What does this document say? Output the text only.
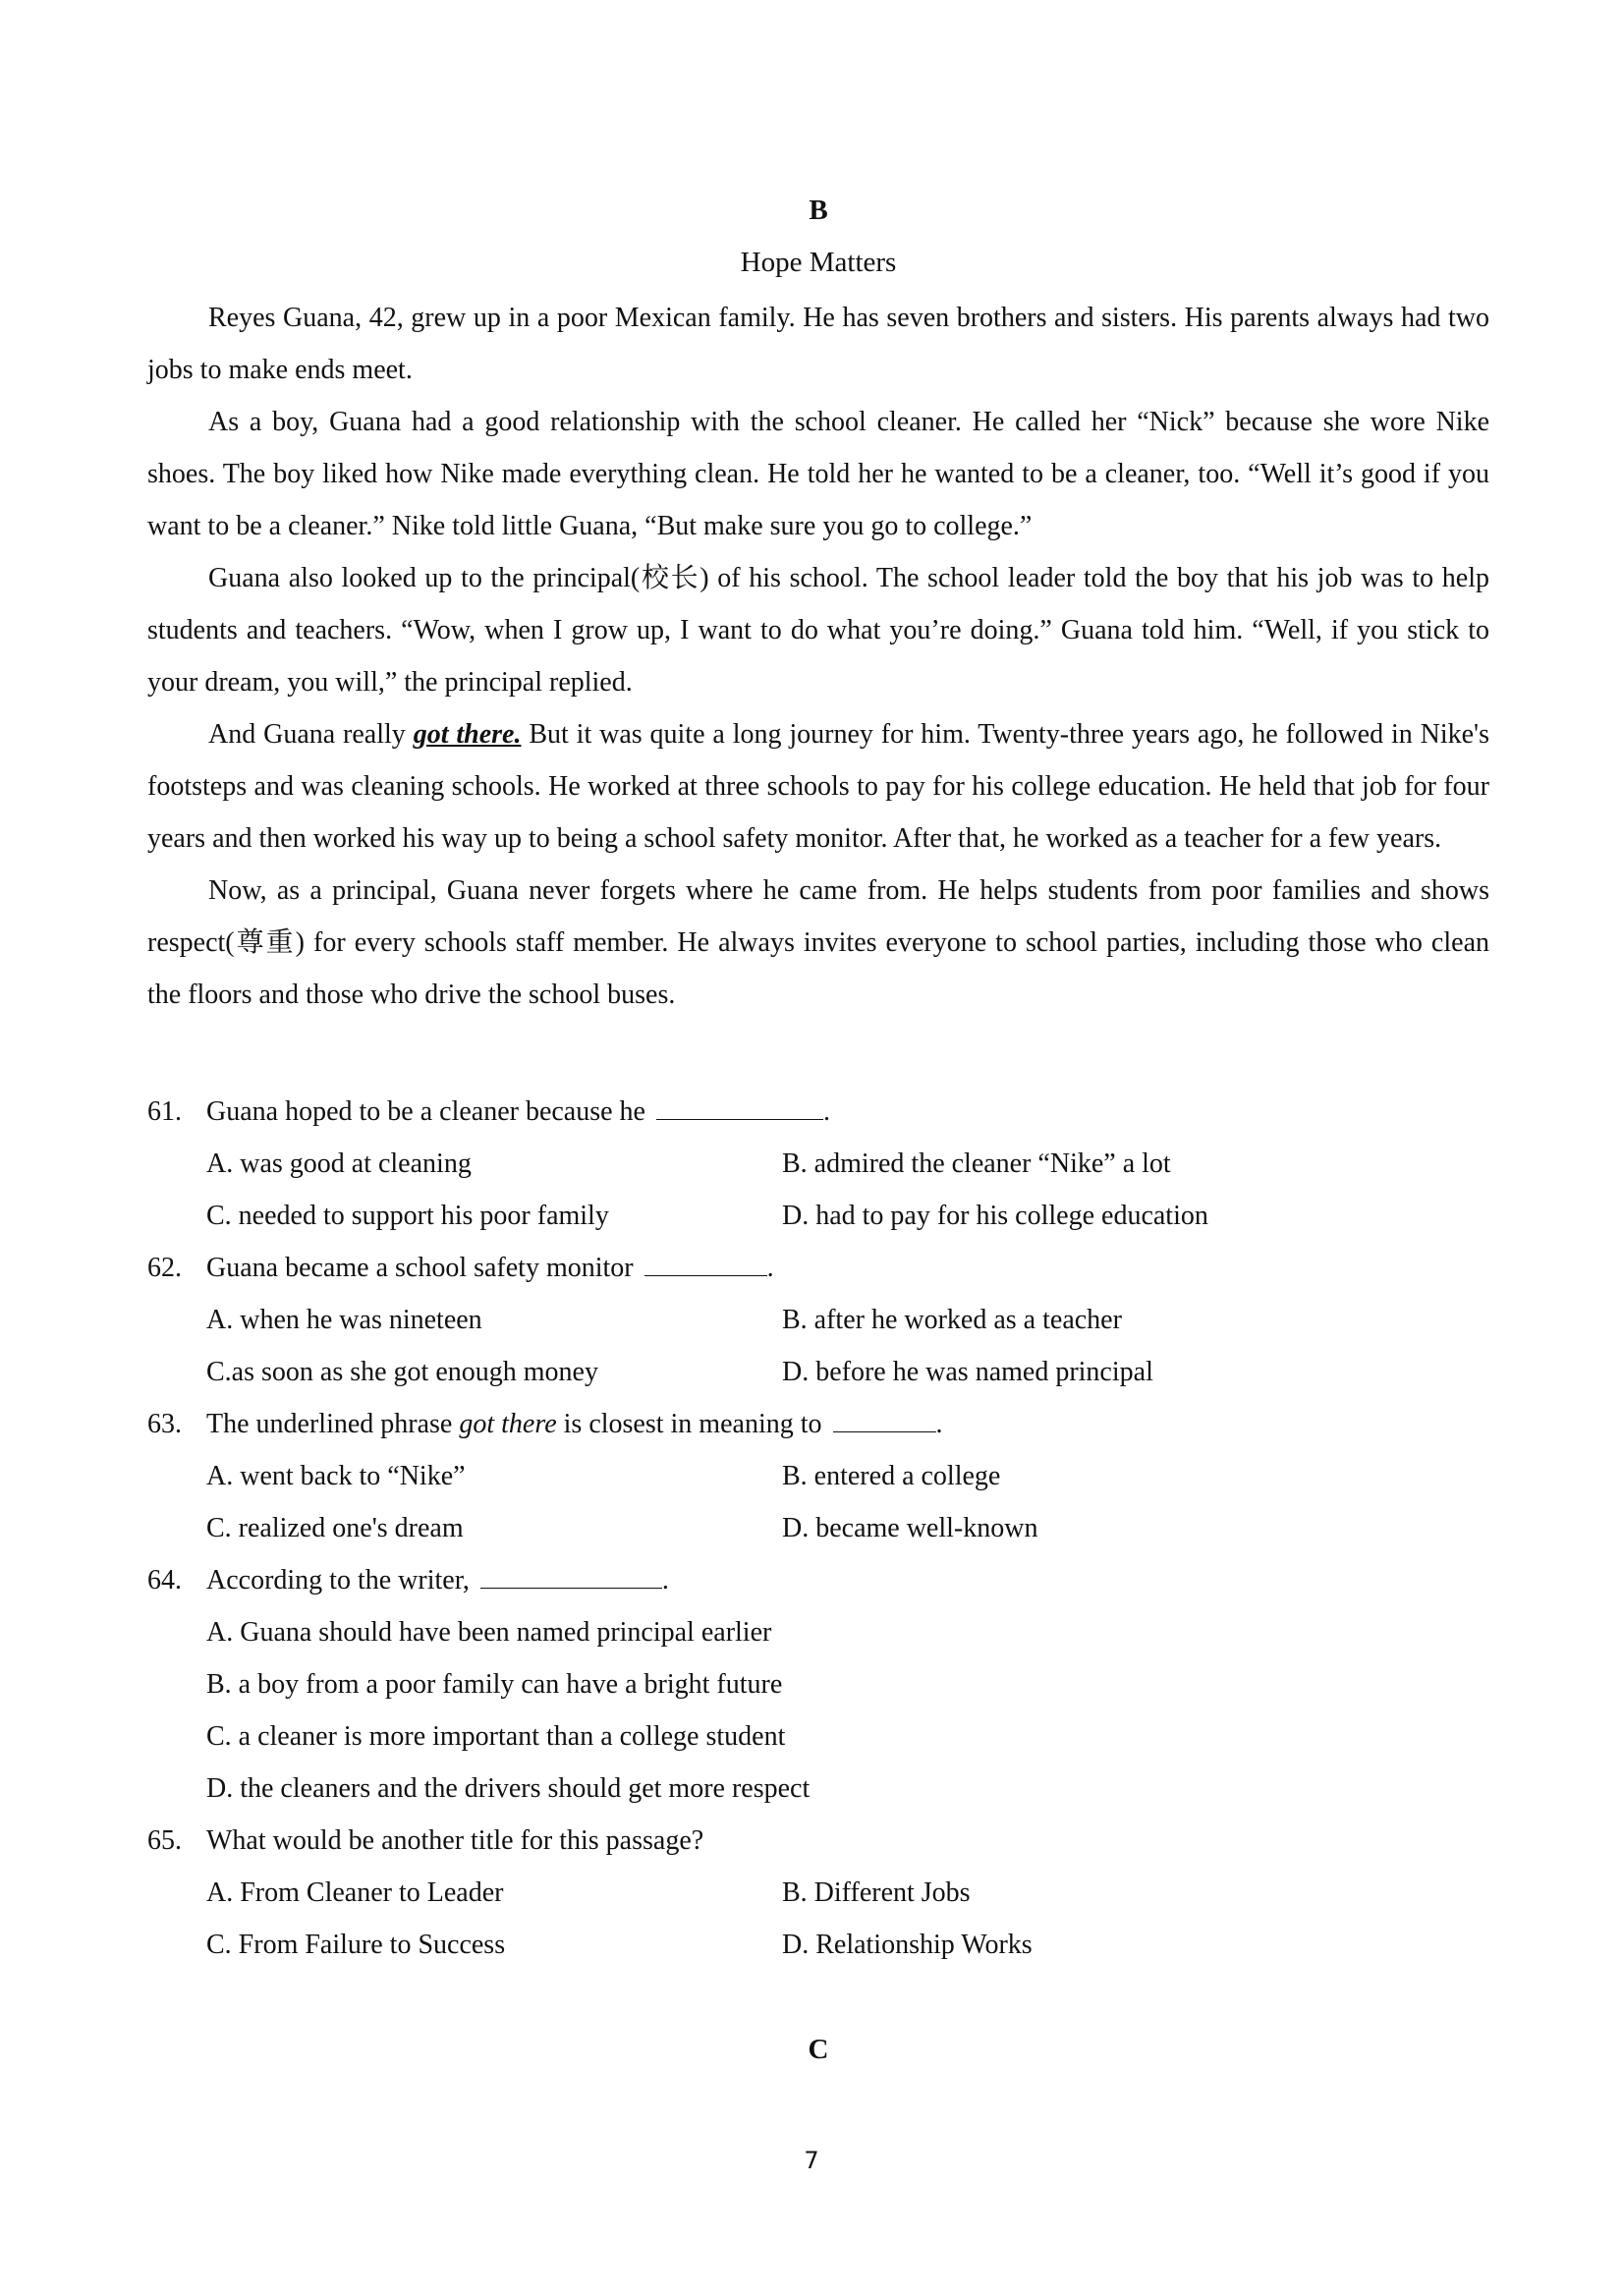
B
Hope Matters

Reyes Guana, 42, grew up in a poor Mexican family. He has seven brothers and sisters. His parents always had two jobs to make ends meet.

As a boy, Guana had a good relationship with the school cleaner. He called her “Nick” because she wore Nike shoes. The boy liked how Nike made everything clean. He told her he wanted to be a cleaner, too. “Well it’s good if you want to be a cleaner.” Nike told little Guana, “But make sure you go to college.”

Guana also looked up to the principal(校长) of his school. The school leader told the boy that his job was to help students and teachers. “Wow, when I grow up, I want to do what you’re doing.” Guana told him. “Well, if you stick to your dream, you will,” the principal replied.

And Guana really got there. But it was quite a long journey for him. Twenty-three years ago, he followed in Nike's footsteps and was cleaning schools. He worked at three schools to pay for his college education. He held that job for four years and then worked his way up to being a school safety monitor. After that, he worked as a teacher for a few years.

Now, as a principal, Guana never forgets where he came from. He helps students from poor families and shows respect(尊重) for every schools staff member. He always invites everyone to school parties, including those who clean the floors and those who drive the school buses.

61. Guana hoped to be a cleaner because he	.
A. was good at cleaning	B. admired the cleaner “Nike” a lot
C. needed to support his poor family	D. had to pay for his college education
62. Guana became a school safety monitor	.
A. when he was nineteen	B. after he worked as a teacher
C.as soon as she got enough money	D. before he was named principal
63. The underlined phrase got there is closest in meaning to	.
A. went back to “Nike”	B. entered a college
C. realized one's dream	D. became well-known
64. According to the writer,	.
A. Guana should have been named principal earlier
B. a boy from a poor family can have a bright future
C. a cleaner is more important than a college student
D. the cleaners and the drivers should get more respect
65. What would be another title for this passage?
A. From Cleaner to Leader	B. Different Jobs
C. From Failure to Success	D. Relationship Works
C
7
